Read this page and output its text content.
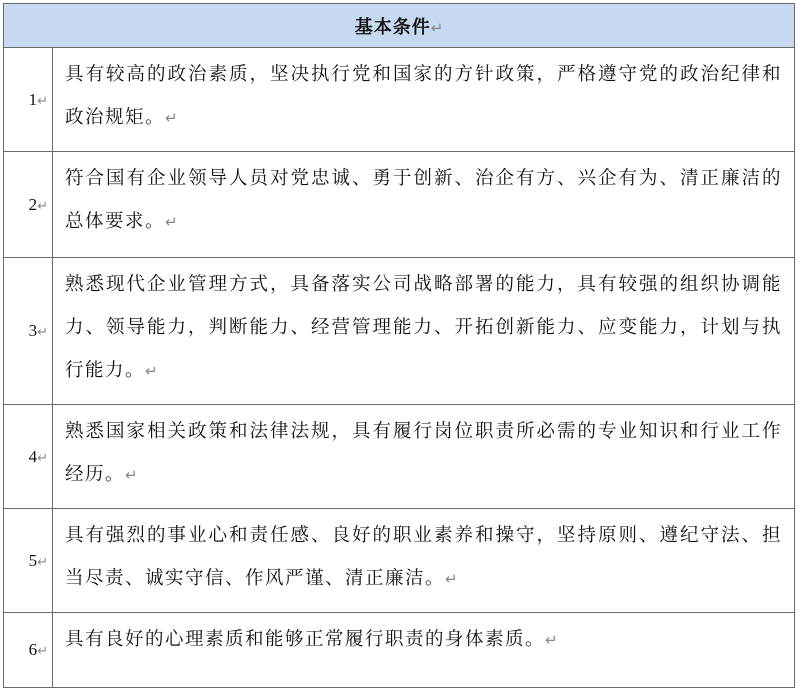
基本条件↵	
1↵	具有较高的政治素质，坚决执行党和国家的方针政策，严格遵守党的政治纪律和政治规矩。↵
2↵	符合国有企业领导人员对党忠诚、勇于创新、治企有方、兴企有为、清正廉洁的总体要求。↵
3↵	熟悉现代企业管理方式，具备落实公司战略部署的能力，具有较强的组织协调能力、领导能力，判断能力、经营管理能力、开拓创新能力、应变能力，计划与执行能力。↵
4↵	熟悉国家相关政策和法律法规，具有履行岗位职责所必需的专业知识和行业工作经历。↵
5↵	具有强烈的事业心和责任感、良好的职业素养和操守，坚持原则、遵纪守法、担当尽责、诚实守信、作风严谨、清正廉洁。↵
6↵	具有良好的心理素质和能够正常履行职责的身体素质。↵
